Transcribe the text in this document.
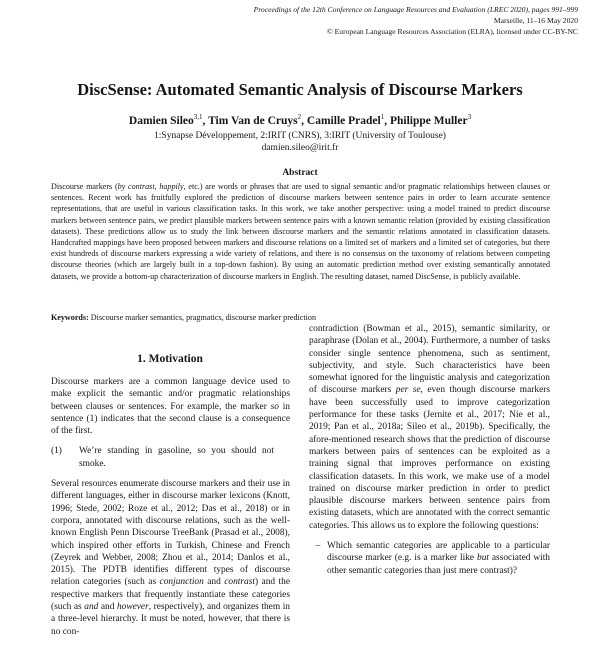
Proceedings of the 12th Conference on Language Resources and Evaluation (LREC 2020), pages 991–999
Marseille, 11–16 May 2020
© European Language Resources Association (ELRA), licensed under CC-BY-NC
DiscSense: Automated Semantic Analysis of Discourse Markers
Damien Sileo$^{3,1}$, Tim Van de Cruys$^2$, Camille Pradel$^1$, Philippe Muller$^3$
1:Synapse Développement, 2:IRIT (CNRS), 3:IRIT (University of Toulouse)
damien.sileo@irit.fr
Abstract
Discourse markers (by contrast, happily, etc.) are words or phrases that are used to signal semantic and/or pragmatic relationships between clauses or sentences. Recent work has fruitfully explored the prediction of discourse markers between sentence pairs in order to learn accurate sentence representations, that are useful in various classification tasks. In this work, we take another perspective: using a model trained to predict discourse markers between sentence pairs, we predict plausible markers between sentence pairs with a known semantic relation (provided by existing classification datasets). These predictions allow us to study the link between discourse markers and the semantic relations annotated in classification datasets. Handcrafted mappings have been proposed between markers and discourse relations on a limited set of markers and a limited set of categories, but there exist hundreds of discourse markers expressing a wide variety of relations, and there is no consensus on the taxonomy of relations between competing discourse theories (which are largely built in a top-down fashion). By using an automatic prediction method over existing semantically annotated datasets, we provide a bottom-up characterization of discourse markers in English. The resulting dataset, named DiscSense, is publicly available.
Keywords: Discourse marker semantics, pragmatics, discourse marker prediction
1. Motivation

Discourse markers are a common language device used to make explicit the semantic and/or pragmatic relationships between clauses or sentences. For example, the marker so in sentence (1) indicates that the second clause is a consequence of the first.

(1)	We’re standing in gasoline, so you should not smoke.

Several resources enumerate discourse markers and their use in different languages, either in discourse marker lexicons (Knott, 1996; Stede, 2002; Roze et al., 2012; Das et al., 2018) or in corpora, annotated with discourse relations, such as the well-known English Penn Discourse TreeBank (Prasad et al., 2008), which inspired other efforts in Turkish, Chinese and French (Zeyrek and Webber, 2008; Zhou et al., 2014; Danlos et al., 2015). The PDTB identifies different types of discourse relation categories (such as conjunction and contrast) and the respective markers that frequently instantiate these categories (such as and and however, respectively), and organizes them in a three-level hierarchy. It must be noted, however, that there is no con-

contradiction (Bowman et al., 2015), semantic similarity, or paraphrase (Dolan et al., 2004). Furthermore, a number of tasks consider single sentence phenomena, such as sentiment, subjectivity, and style. Such characteristics have been somewhat ignored for the linguistic analysis and categorization of discourse markers per se, even though discourse markers have been successfully used to improve categorization performance for these tasks (Jernite et al., 2017; Nie et al., 2019; Pan et al., 2018a; Sileo et al., 2019b). Specifically, the afore-mentioned research shows that the prediction of discourse markers between pairs of sentences can be exploited as a training signal that improves performance on existing classification datasets. In this work, we make use of a model trained on discourse marker prediction in order to predict plausible discourse markers between sentence pairs from existing datasets, which are annotated with the correct semantic categories. This allows us to explore the following questions:

– Which semantic categories are applicable to a particular discourse marker (e.g. is a marker like but associated with other semantic categories than just mere contrast)?
